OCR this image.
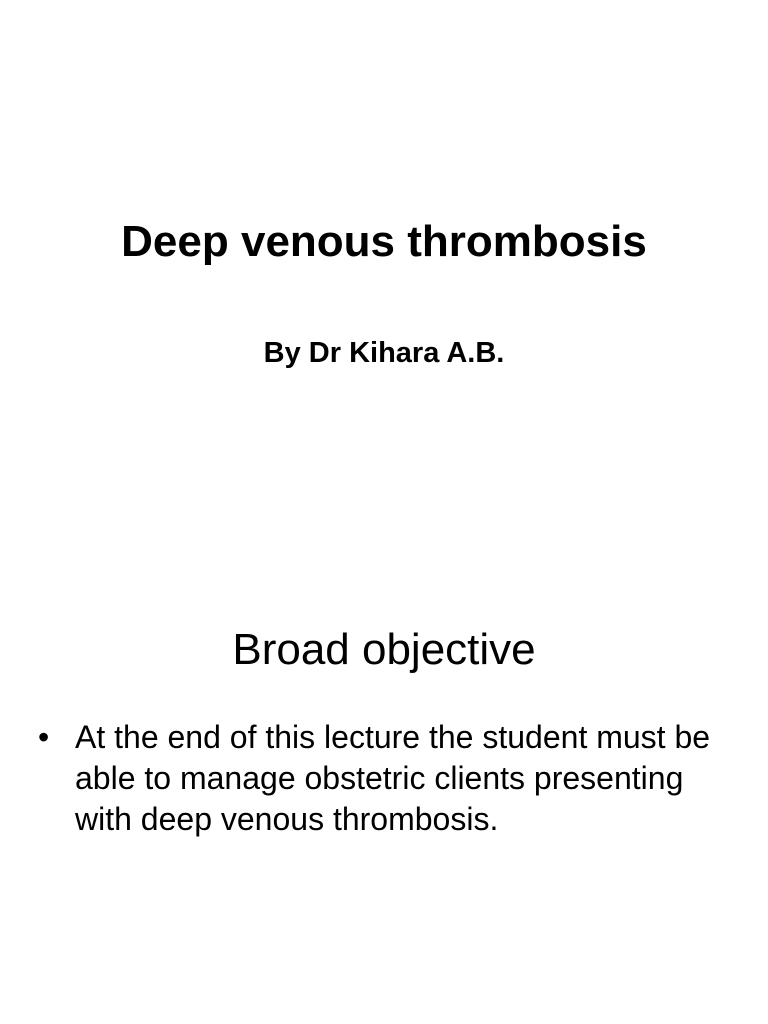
Deep venous thrombosis

By Dr Kihara A.B.

Broad objective
• At the end of this lecture the student must be able to manage obstetric clients presenting with deep venous thrombosis.
